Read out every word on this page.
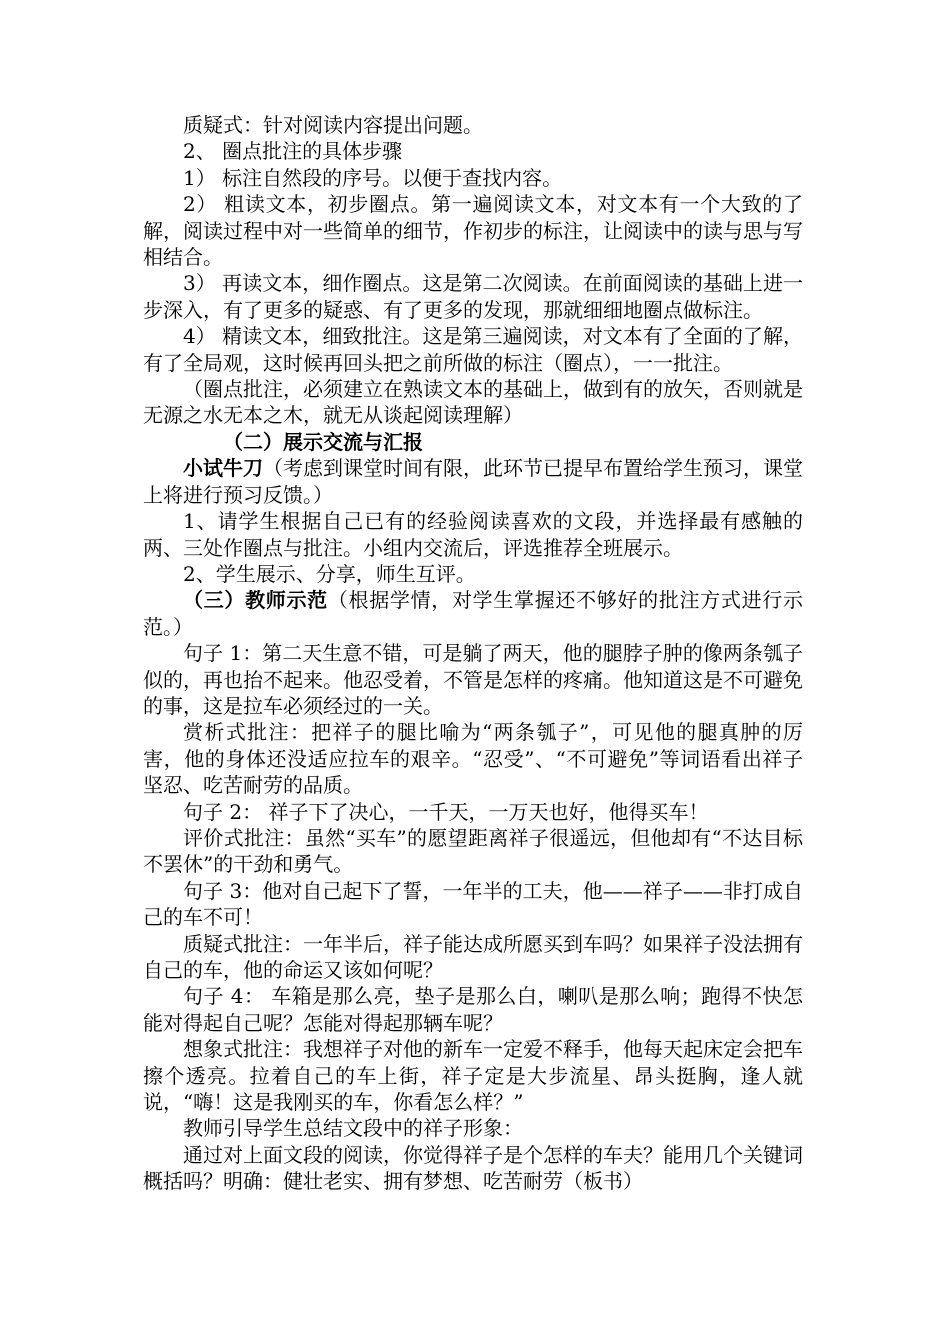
质疑式：针对阅读内容提出问题。

2、 圈点批注的具体步骤

1） 标注自然段的序号。以便于查找内容。

2） 粗读文本，初步圈点。第一遍阅读文本，对文本有一个大致的了解，阅读过程中对一些简单的细节，作初步的标注，让阅读中的读与思与写相结合。

3） 再读文本，细作圈点。这是第二次阅读。在前面阅读的基础上进一步深入，有了更多的疑惑、有了更多的发现，那就细细地圈点做标注。

4） 精读文本，细致批注。这是第三遍阅读，对文本有了全面的了解，有了全局观，这时候再回头把之前所做的标注（圈点），一一批注。

（圈点批注，必须建立在熟读文本的基础上，做到有的放矢，否则就是无源之水无本之木，就无从谈起阅读理解）

（二）展示交流与汇报

小试牛刀（考虑到课堂时间有限，此环节已提早布置给学生预习，课堂上将进行预习反馈。）

1、请学生根据自己已有的经验阅读喜欢的文段，并选择最有感触的两、三处作圈点与批注。小组内交流后，评选推荐全班展示。

2、学生展示、分享，师生互评。

（三）教师示范（根据学情，对学生掌握还不够好的批注方式进行示范。）

句子 1：第二天生意不错，可是躺了两天，他的腿脖子肿的像两条瓠子似的，再也抬不起来。他忍受着，不管是怎样的疼痛。他知道这是不可避免的事，这是拉车必须经过的一关。

赏析式批注：把祥子的腿比喻为“两条瓠子”，可见他的腿真肿的厉害，他的身体还没适应拉车的艰辛。“忍受”、“不可避免”等词语看出祥子坚忍、吃苦耐劳的品质。

句子 2： 祥子下了决心，一千天，一万天也好，他得买车！

评价式批注：虽然“买车”的愿望距离祥子很遥远，但他却有“不达目标不罢休”的干劲和勇气。

句子 3：他对自己起下了誓，一年半的工夫，他——祥子——非打成自己的车不可！

质疑式批注：一年半后，祥子能达成所愿买到车吗？如果祥子没法拥有自己的车，他的命运又该如何呢？

句子 4： 车箱是那么亮，垫子是那么白，喇叭是那么响；跑得不快怎能对得起自己呢？怎能对得起那辆车呢？

想象式批注：我想祥子对他的新车一定爱不释手，他每天起床定会把车擦个透亮。拉着自己的车上街，祥子定是大步流星、昂头挺胸，逢人就说，“嗨！这是我刚买的车，你看怎么样？”

教师引导学生总结文段中的祥子形象：

通过对上面文段的阅读，你觉得祥子是个怎样的车夫？能用几个关键词概括吗？明确：健壮老实、拥有梦想、吃苦耐劳（板书）
